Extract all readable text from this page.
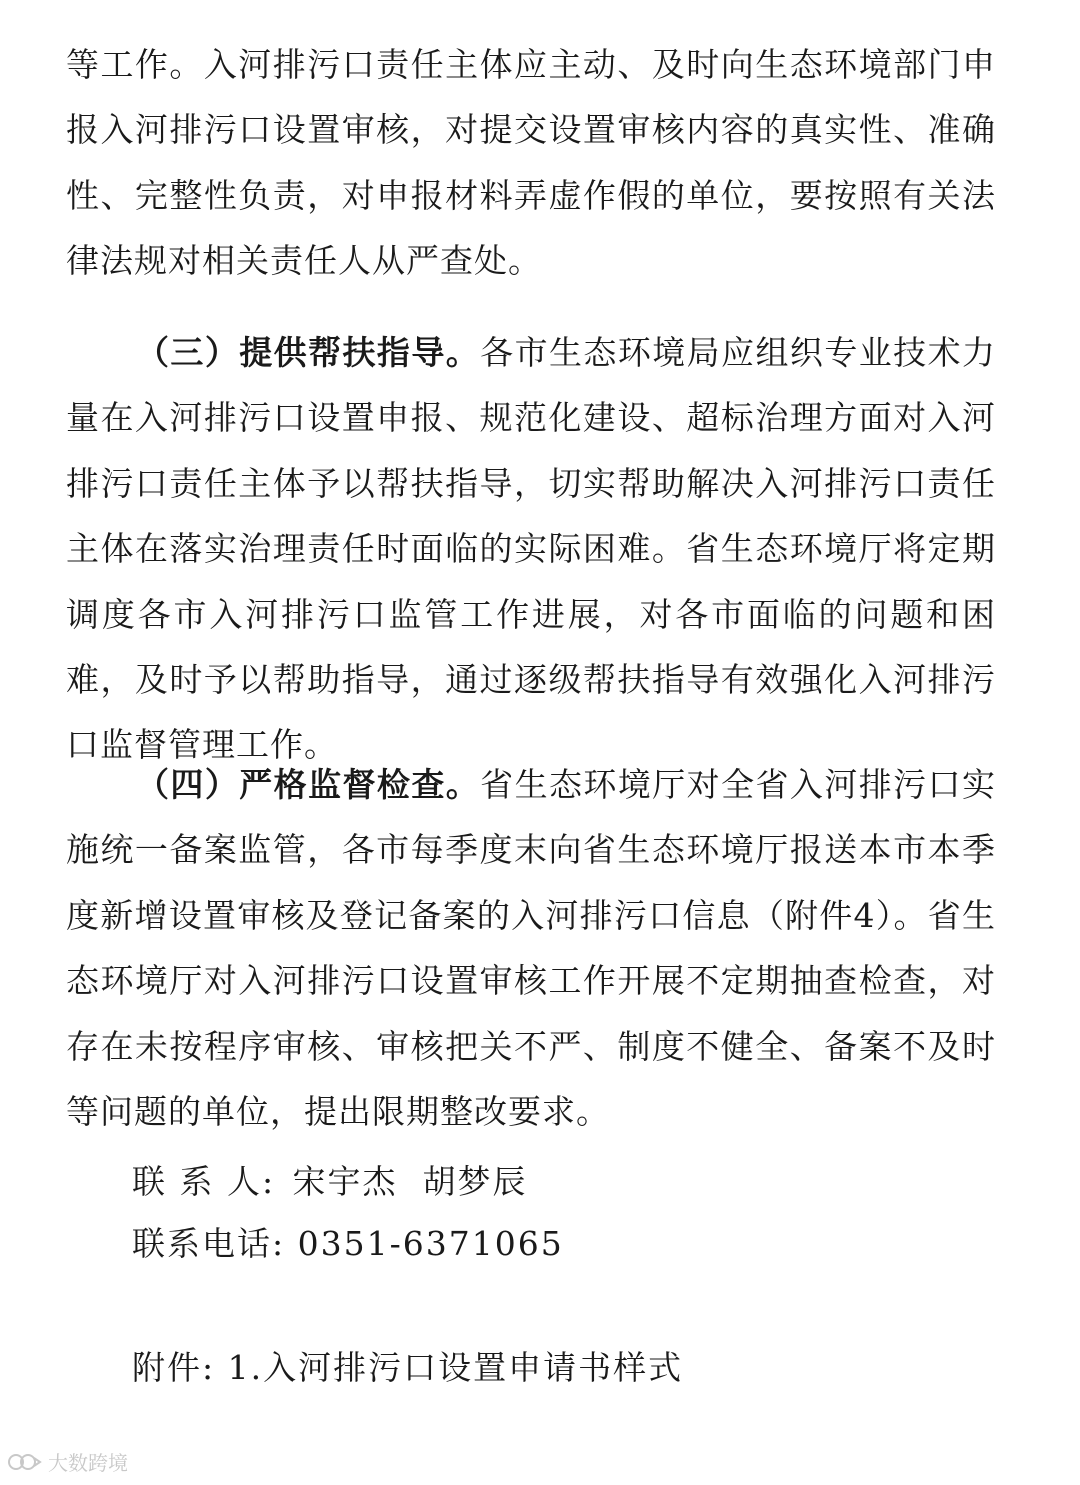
等工作。入河排污口责任主体应主动、及时向生态环境部门申报入河排污口设置审核，对提交设置审核内容的真实性、准确性、完整性负责，对申报材料弄虚作假的单位，要按照有关法律法规对相关责任人从严查处。

（三）提供帮扶指导。各市生态环境局应组织专业技术力量在入河排污口设置申报、规范化建设、超标治理方面对入河排污口责任主体予以帮扶指导，切实帮助解决入河排污口责任主体在落实治理责任时面临的实际困难。省生态环境厅将定期调度各市入河排污口监管工作进展，对各市面临的问题和困难，及时予以帮助指导，通过逐级帮扶指导有效强化入河排污口监督管理工作。

（四）严格监督检查。省生态环境厅对全省入河排污口实施统一备案监管，各市每季度末向省生态环境厅报送本市本季度新增设置审核及登记备案的入河排污口信息（附件4）。省生态环境厅对入河排污口设置审核工作开展不定期抽查检查，对存在未按程序审核、审核把关不严、制度不健全、备案不及时等问题的单位，提出限期整改要求。

联 系 人: 宋宇杰  胡梦辰

联系电话: 0351-6371065

附件: 1.入河排污口设置申请书样式

大数跨境
